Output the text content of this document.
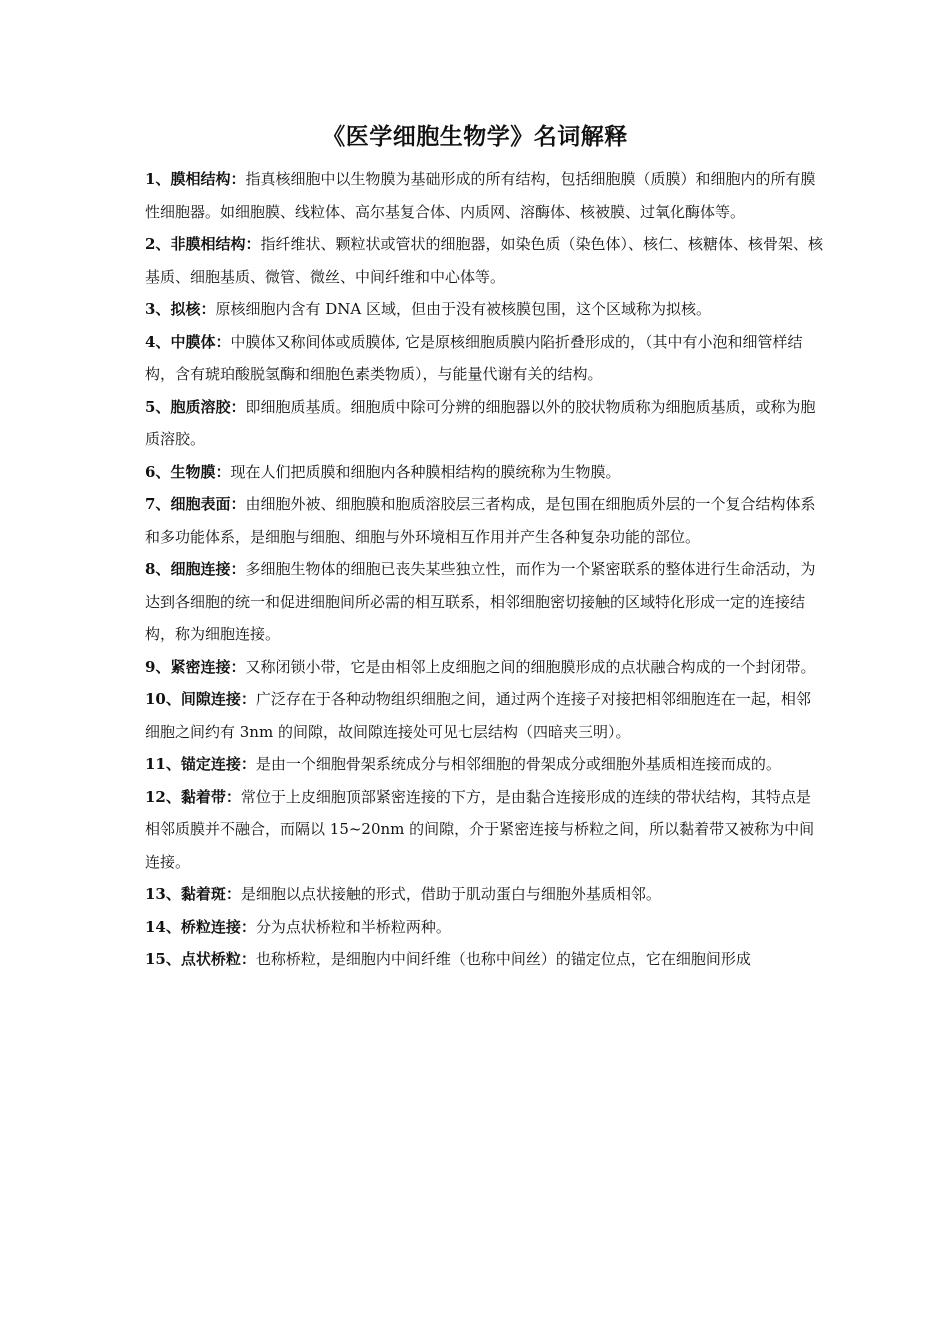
《医学细胞生物学》名词解释

1、膜相结构：指真核细胞中以生物膜为基础形成的所有结构，包括细胞膜（质膜）和细胞内的所有膜性细胞器。如细胞膜、线粒体、高尔基复合体、内质网、溶酶体、核被膜、过氧化酶体等。

2、非膜相结构：指纤维状、颗粒状或管状的细胞器，如染色质（染色体）、核仁、核糖体、核骨架、核基质、细胞基质、微管、微丝、中间纤维和中心体等。

3、拟核：原核细胞内含有 DNA 区域，但由于没有被核膜包围，这个区域称为拟核。

4、中膜体：中膜体又称间体或质膜体, 它是原核细胞质膜内陷折叠形成的，（其中有小泡和细管样结构，含有琥珀酸脱氢酶和细胞色素类物质），与能量代谢有关的结构。

5、胞质溶胶：即细胞质基质。细胞质中除可分辨的细胞器以外的胶状物质称为细胞质基质，或称为胞质溶胶。

6、生物膜：现在人们把质膜和细胞内各种膜相结构的膜统称为生物膜。

7、细胞表面：由细胞外被、细胞膜和胞质溶胶层三者构成，是包围在细胞质外层的一个复合结构体系和多功能体系，是细胞与细胞、细胞与外环境相互作用并产生各种复杂功能的部位。

8、细胞连接：多细胞生物体的细胞已丧失某些独立性，而作为一个紧密联系的整体进行生命活动，为达到各细胞的统一和促进细胞间所必需的相互联系，相邻细胞密切接触的区域特化形成一定的连接结构，称为细胞连接。

9、紧密连接：又称闭锁小带，它是由相邻上皮细胞之间的细胞膜形成的点状融合构成的一个封闭带。

10、间隙连接：广泛存在于各种动物组织细胞之间，通过两个连接子对接把相邻细胞连在一起，相邻细胞之间约有 3nm 的间隙，故间隙连接处可见七层结构（四暗夹三明）。

11、锚定连接：是由一个细胞骨架系统成分与相邻细胞的骨架成分或细胞外基质相连接而成的。

12、黏着带：常位于上皮细胞顶部紧密连接的下方，是由黏合连接形成的连续的带状结构，其特点是相邻质膜并不融合，而隔以 15~20nm 的间隙，介于紧密连接与桥粒之间，所以黏着带又被称为中间连接。

13、黏着斑：是细胞以点状接触的形式，借助于肌动蛋白与细胞外基质相邻。

14、桥粒连接：分为点状桥粒和半桥粒两种。

15、点状桥粒：也称桥粒，是细胞内中间纤维（也称中间丝）的锚定位点，它在细胞间形成
